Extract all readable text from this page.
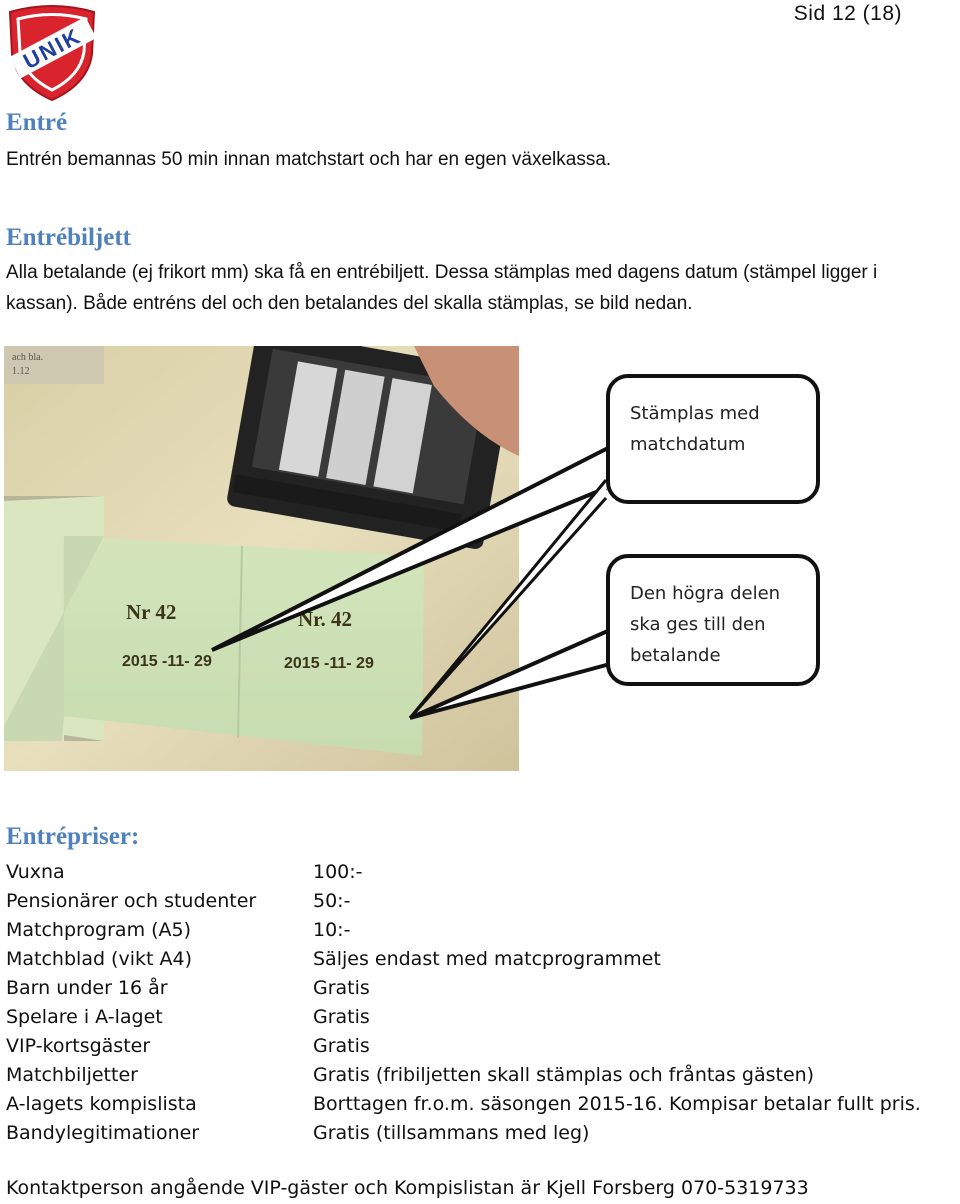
UNIK
Sid 12 (18)
Entré
Entrén bemannas 50 min innan matchstart och har en egen växelkassa.
Entrébiljett
Alla betalande (ej frikort mm) ska få en entrébiljett. Dessa stämplas med dagens datum (stämpel ligger i
kassan). Både entréns del och den betalandes del skalla stämplas, se bild nedan.
ach bla.
1.12
Nr 42
2015 -11- 29
Nr. 42
2015 -11- 29
Stämplas med
matchdatum
Den högra delen
ska ges till den
betalande
Entrépriser:
Vuxna	100:-
Pensionärer och studenter	50:-
Matchprogram (A5)	10:-
Matchblad (vikt A4)	Säljes endast med matcprogrammet
Barn under 16 år	Gratis
Spelare i A-laget	Gratis
VIP-kortsgäster	Gratis
Matchbiljetter	Gratis (fribiljetten skall stämplas och fråntas gästen)
A-lagets kompislista	Borttagen fr.o.m. säsongen 2015-16. Kompisar betalar fullt pris.
Bandylegitimationer	Gratis (tillsammans med leg)
Kontaktperson angående VIP-gäster och Kompislistan är Kjell Forsberg 070-5319733
